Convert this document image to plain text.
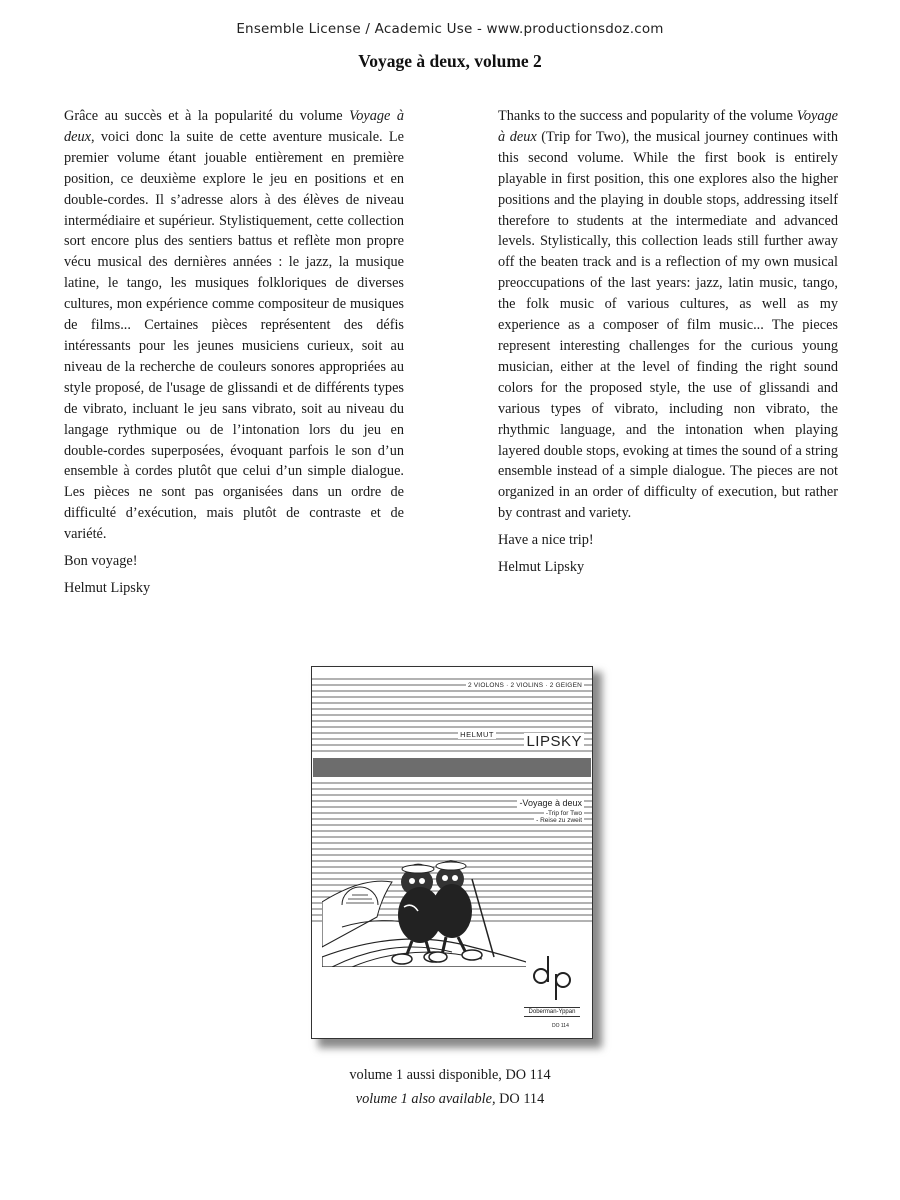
Ensemble License / Academic Use - www.productionsdoz.com
Voyage à deux, volume 2

Grâce au succès et à la popularité du volume Voyage à deux, voici donc la suite de cette aventure musicale. Le premier volume étant jouable entièrement en première position, ce deuxième explore le jeu en positions et en double-cordes. Il s’adresse alors à des élèves de niveau intermédiaire et supérieur. Stylistiquement, cette collection sort encore plus des sentiers battus et reflète mon propre vécu musical des dernières années : le jazz, la musique latine, le tango, les musiques folkloriques de diverses cultures, mon expérience comme compositeur de musiques de films... Certaines pièces représentent des défis intéressants pour les jeunes musiciens curieux, soit au niveau de la recherche de couleurs sonores appropriées au style proposé, de l'usage de glissandi et de différents types de vibrato, incluant le jeu sans vibrato, soit au niveau du langage rythmique ou de l’intonation lors du jeu en double-cordes superposées, évoquant parfois le son d’un ensemble à cordes plutôt que celui d’un simple dialogue. Les pièces ne sont pas organisées dans un ordre de difficulté d’exécution, mais plutôt de contraste et de variété.

Bon voyage!

Helmut Lipsky

Thanks to the success and popularity of the volume Voyage à deux (Trip for Two), the musical journey continues with this second volume. While the first book is entirely playable in first position, this one explores also the higher positions and the playing in double stops, addressing itself therefore to students at the intermediate and advanced levels. Stylistically, this collection leads still further away off the beaten track and is a reflection of my own musical preoccupations of the last years: jazz, latin music, tango, the folk music of various cultures, as well as my experience as a composer of film music... The pieces represent interesting challenges for the curious young musician, either at the level of finding the right sound colors for the proposed style, the use of glissandi and various types of vibrato, including non vibrato, the rhythmic language, and the intonation when playing layered double stops, evoking at times the sound of a string ensemble instead of a simple dialogue. The pieces are not organized in an order of difficulty of execution, but rather by contrast and variety.

Have a nice trip!

Helmut Lipsky

2 VIOLONS · 2 VIOLINS · 2 GEIGEN
HELMUT LIPSKY
-Voyage à deux
-Trip for Two
- Reise zu zweit
Doberman-Yppan
DO 114
volume 1 aussi disponible, DO 114
volume 1 also available, DO 114
